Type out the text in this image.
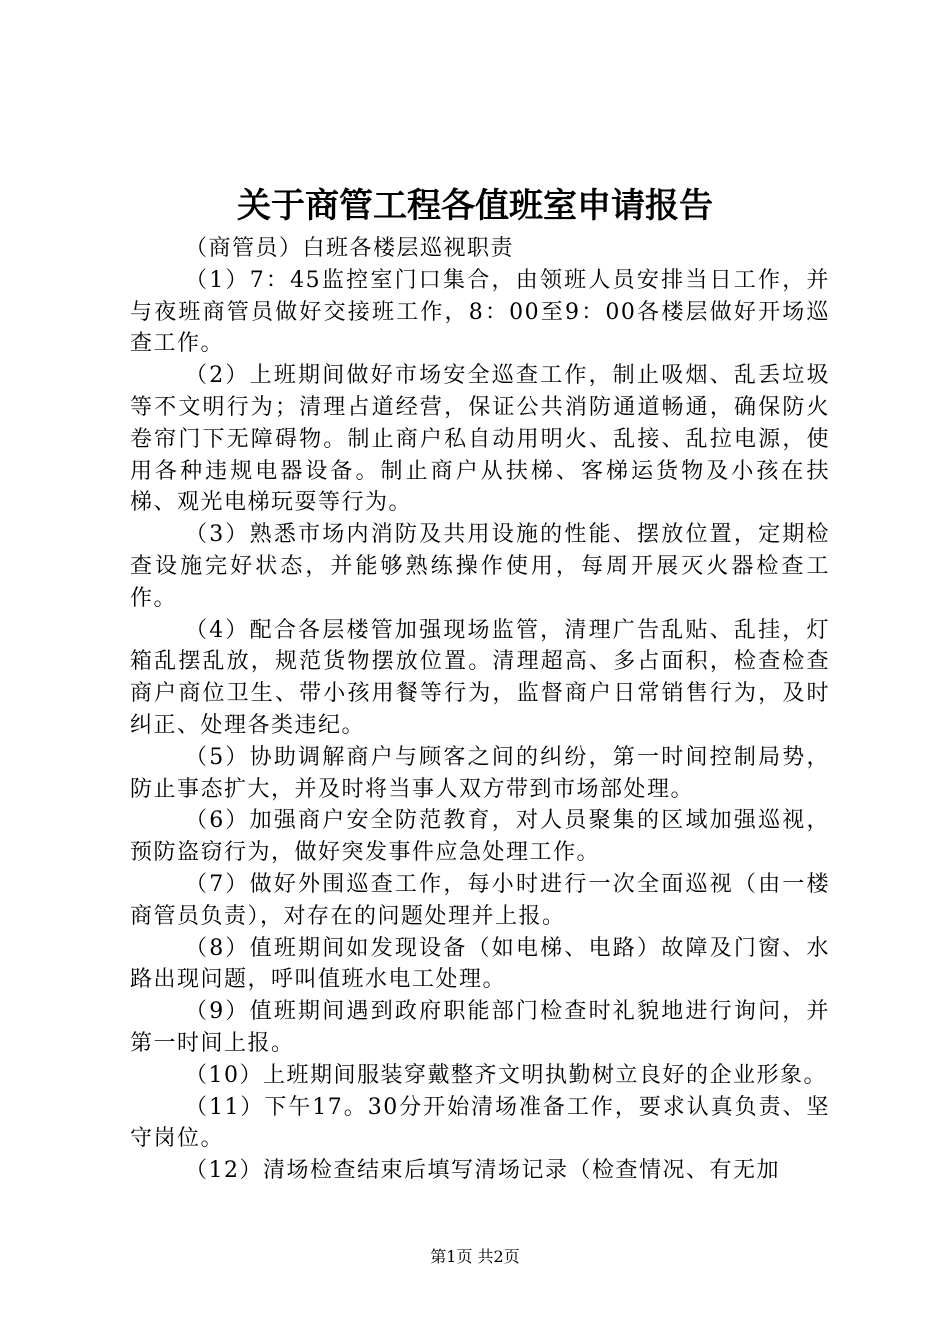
关于商管工程各值班室申请报告

（商管员）白班各楼层巡视职责

（1）7：45监控室门口集合，由领班人员安排当日工作，并与夜班商管员做好交接班工作，8：00至9：00各楼层做好开场巡查工作。

（2）上班期间做好市场安全巡查工作，制止吸烟、乱丢垃圾等不文明行为；清理占道经营，保证公共消防通道畅通，确保防火卷帘门下无障碍物。制止商户私自动用明火、乱接、乱拉电源，使用各种违规电器设备。制止商户从扶梯、客梯运货物及小孩在扶梯、观光电梯玩耍等行为。

（3）熟悉市场内消防及共用设施的性能、摆放位置，定期检查设施完好状态，并能够熟练操作使用，每周开展灭火器检查工作。

（4）配合各层楼管加强现场监管，清理广告乱贴、乱挂，灯箱乱摆乱放，规范货物摆放位置。清理超高、多占面积，检查检查商户商位卫生、带小孩用餐等行为，监督商户日常销售行为，及时纠正、处理各类违纪。

（5）协助调解商户与顾客之间的纠纷，第一时间控制局势，防止事态扩大，并及时将当事人双方带到市场部处理。

（6）加强商户安全防范教育，对人员聚集的区域加强巡视，预防盗窃行为，做好突发事件应急处理工作。

（7）做好外围巡查工作，每小时进行一次全面巡视（由一楼商管员负责），对存在的问题处理并上报。

（8）值班期间如发现设备（如电梯、电路）故障及门窗、水路出现问题，呼叫值班水电工处理。

（9）值班期间遇到政府职能部门检查时礼貌地进行询问，并第一时间上报。

（10）上班期间服装穿戴整齐文明执勤树立良好的企业形象。

（11）下午17。30分开始清场准备工作，要求认真负责、坚守岗位。

（12）清场检查结束后填写清场记录（检查情况、有无加

第1页 共2页
